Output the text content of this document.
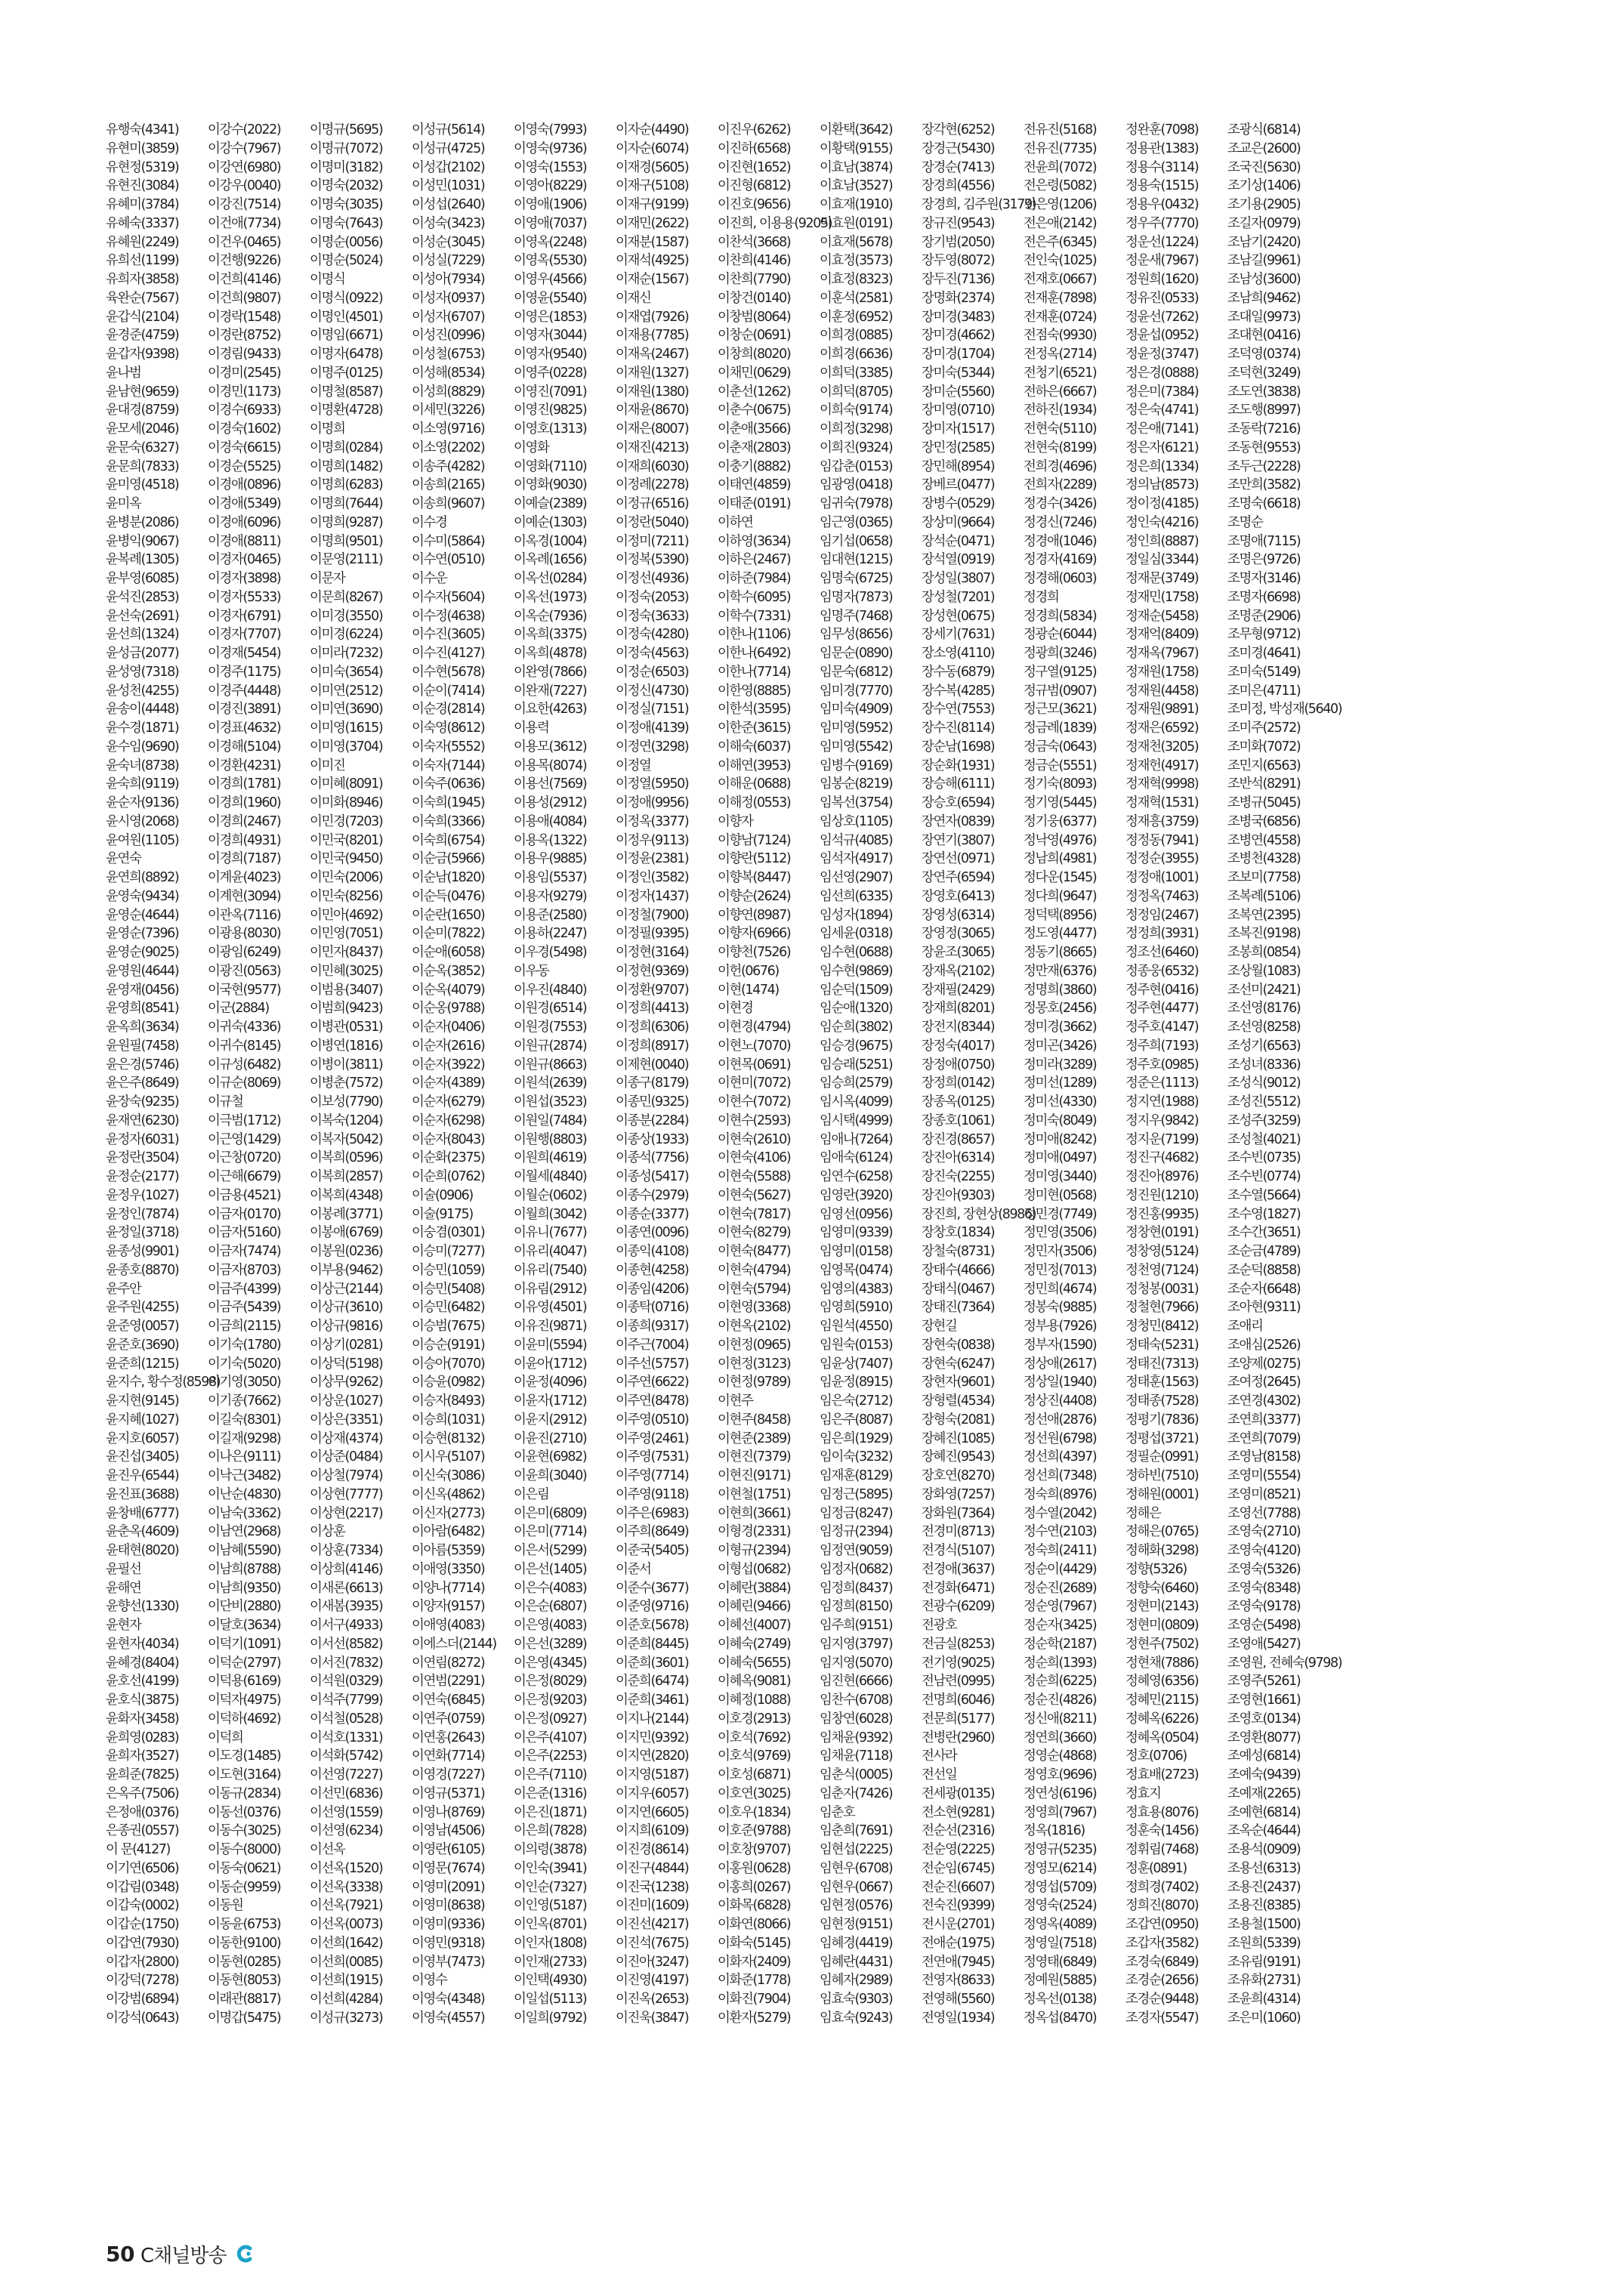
유행숙(4341)
유현미(3859)
유현정(5319)
유현진(3084)
유혜미(3784)
유혜숙(3337)
유혜원(2249)
유희선(1199)
유희자(3858)
육완순(7567)
윤갑식(2104)
윤경준(4759)
윤갑자(9398)
윤나범
윤남현(9659)
윤대경(8759)
윤모세(2046)
윤문숙(6327)
윤문희(7833)
윤미영(4518)
윤미옥
윤병분(2086)
윤병익(9067)
윤복례(1305)
윤부영(6085)
윤석진(2853)
윤선숙(2691)
윤선희(1324)
윤성금(2077)
윤성영(7318)
윤성천(4255)
윤송이(4448)
윤수경(1871)
윤수임(9690)
윤숙녀(8738)
윤숙희(9119)
윤순자(9136)
윤시영(2068)
윤여원(1105)
윤연숙
윤연희(8892)
윤영숙(9434)
윤영순(4644)
윤영순(7396)
윤영순(9025)
윤영원(4644)
윤영재(0456)
윤영희(8541)
윤옥희(3634)
윤원필(7458)
윤은경(5746)
윤은주(8649)
윤장숙(9235)
윤재연(6230)
윤정자(6031)
윤정란(3504)
윤정순(2177)
윤정우(1027)
윤정인(7874)
윤정일(3718)
윤종성(9901)
윤종호(8870)
윤주안
윤주원(4255)
윤준영(0057)
윤준호(3690)
윤준희(1215)
윤지수, 황수정(8598)
윤지현(9145)
윤지혜(1027)
윤지호(6057)
윤진섭(3405)
윤진우(6544)
윤진표(3688)
윤창배(6777)
윤춘옥(4609)
윤태현(8020)
윤필선
윤해연
윤향선(1330)
윤현자
윤현자(4034)
윤혜경(8404)
윤호선(4199)
윤호식(3875)
윤화자(3458)
윤희영(0283)
윤희자(3527)
윤희준(7825)
은옥주(7506)
은정애(0376)
은종권(0557)
이 문(4127)
이기연(6506)
이갑림(0348)
이갑숙(0002)
이갑순(1750)
이갑연(7930)
이갑자(2800)
이강덕(7278)
이강범(6894)
이강석(0643)
이강수(2022)
이강수(7967)
이강연(6980)
이강우(0040)
이강진(7514)
이건애(7734)
이건우(0465)
이건행(9226)
이건희(4146)
이건희(9807)
이경락(1548)
이경란(8752)
이경림(9433)
이경미(2545)
이경민(1173)
이경수(6933)
이경숙(1602)
이경숙(6615)
이경순(5525)
이경애(0896)
이경애(5349)
이경애(6096)
이경애(8811)
이경자(0465)
이경자(3898)
이경자(5533)
이경자(6791)
이경자(7707)
이경재(5454)
이경주(1175)
이경주(4448)
이경진(3891)
이경표(4632)
이경해(5104)
이경환(4231)
이경희(1781)
이경희(1960)
이경희(2467)
이경희(4931)
이경희(7187)
이계윤(4023)
이계현(3094)
이관옥(7116)
이광용(8030)
이광임(6249)
이광진(0563)
이국현(9577)
이군(2884)
이귀숙(4336)
이귀수(8145)
이규성(6482)
이규순(8069)
이규철
이극범(1712)
이근영(1429)
이근창(0720)
이근해(6679)
이금용(4521)
이금자(0170)
이금자(5160)
이금자(7474)
이금자(8703)
이금주(4399)
이금주(5439)
이금희(2115)
이기숙(1780)
이기숙(5020)
이기영(3050)
이기종(7662)
이길숙(8301)
이길재(9298)
이나은(9111)
이낙근(3482)
이난순(4830)
이남숙(3362)
이남연(2968)
이남혜(5590)
이남희(8788)
이남희(9350)
이단비(2880)
이달호(3634)
이덕기(1091)
이덕순(2797)
이덕용(6169)
이덕자(4975)
이덕하(4692)
이덕희
이도경(1485)
이도현(3164)
이동규(2834)
이동선(0376)
이동수(3025)
이동수(8000)
이동숙(0621)
이동순(9959)
이동원
이동윤(6753)
이동한(9100)
이동현(0285)
이동현(8053)
이래관(8817)
이명갑(5475)
이명규(5695)
이명규(7072)
이명미(3182)
이명숙(2032)
이명숙(3035)
이명숙(7643)
이명순(0056)
이명순(5024)
이명식
이명식(0922)
이명인(4501)
이명임(6671)
이명자(6478)
이명주(0125)
이명철(8587)
이명환(4728)
이명희
이명희(0284)
이명희(1482)
이명희(6283)
이명희(7644)
이명희(9287)
이명희(9501)
이문영(2111)
이문자
이문희(8267)
이미경(3550)
이미경(6224)
이미라(7232)
이미숙(3654)
이미연(2512)
이미연(3690)
이미영(1615)
이미영(3704)
이미진
이미혜(8091)
이미화(8946)
이민경(7203)
이민국(8201)
이민국(9450)
이민숙(2006)
이민숙(8256)
이민아(4692)
이민영(7051)
이민자(8437)
이민혜(3025)
이범용(3407)
이범희(9423)
이병관(0531)
이병연(1816)
이병이(3811)
이병춘(7572)
이보성(7790)
이복숙(1204)
이복자(5042)
이복희(0596)
이복희(2857)
이복희(4348)
이봉례(3771)
이봉애(6769)
이봉원(0236)
이부용(9462)
이상근(2144)
이상규(3610)
이상규(9816)
이상기(0281)
이상덕(5198)
이상무(9262)
이상운(1027)
이상은(3351)
이상재(4374)
이상준(0484)
이상철(7974)
이상현(7777)
이상현(2217)
이상훈
이상훈(7334)
이상희(4146)
이새론(6613)
이새봄(3935)
이서구(4933)
이서선(8582)
이서진(7832)
이석원(0329)
이석주(7799)
이석철(0528)
이석호(1331)
이석화(5742)
이선영(7227)
이선민(6836)
이선영(1559)
이선영(6234)
이선옥
이선옥(1520)
이선옥(3338)
이선옥(7921)
이선옥(0073)
이선희(1642)
이선희(0085)
이선희(1915)
이선희(4284)
이성규(3273)
이성규(5614)
이성규(4725)
이성갑(2102)
이성민(1031)
이성섭(2640)
이성숙(3423)
이성순(3045)
이성실(7229)
이성아(7934)
이성자(0937)
이성자(6707)
이성진(0996)
이성철(6753)
이성해(8534)
이성희(8829)
이세민(3226)
이소영(9716)
이소영(2202)
이송주(4282)
이송희(2165)
이송희(9607)
이수경
이수미(5864)
이수연(0510)
이수운
이수자(5604)
이수정(4638)
이수진(3605)
이수진(4127)
이수현(5678)
이순이(7414)
이순경(2814)
이숙영(8612)
이숙자(5552)
이숙자(7144)
이숙주(0636)
이숙희(1945)
이숙희(3366)
이숙희(6754)
이순금(5966)
이순남(1820)
이순득(0476)
이순란(1650)
이순미(7822)
이순애(6058)
이순옥(3852)
이순옥(4079)
이순옹(9788)
이순자(0406)
이순자(2616)
이순자(3922)
이순자(4389)
이순자(6279)
이순자(6298)
이순자(8043)
이순화(2375)
이순희(0762)
이술(0906)
이술(9175)
이숭겸(0301)
이승미(7277)
이승민(1059)
이승민(5408)
이승민(6482)
이승범(7675)
이승순(9191)
이승아(7070)
이승윤(0982)
이승자(8493)
이승희(1031)
이승현(8132)
이시우(5107)
이신숙(3086)
이신옥(4862)
이신자(2773)
이아람(6482)
이아름(5359)
이애영(3350)
이양나(7714)
이양자(9157)
이애영(4083)
이에스더(2144)
이연림(8272)
이연범(2291)
이연숙(6845)
이연주(0759)
이연홍(2643)
이연화(7714)
이영경(7227)
이영규(5371)
이영나(8769)
이영남(4506)
이영란(6105)
이영문(7674)
이영미(2091)
이영미(8638)
이영미(9336)
이영민(9318)
이영부(7473)
이영수
이영숙(4348)
이영숙(4557)
이영숙(7993)
이영숙(9736)
이영숙(1553)
이영아(8229)
이영애(1906)
이영애(7037)
이영옥(2248)
이영옥(5530)
이영우(4566)
이영윤(5540)
이영은(1853)
이영자(3044)
이영자(9540)
이영주(0228)
이영진(7091)
이영진(9825)
이영호(1313)
이영화
이영화(7110)
이영화(9030)
이예슬(2389)
이예순(1303)
이옥경(1004)
이옥례(1656)
이옥선(0284)
이옥선(1973)
이옥순(7936)
이옥희(3375)
이옥희(4878)
이완영(7866)
이완재(7227)
이요한(4263)
이용력
이용모(3612)
이용목(8074)
이용선(7569)
이용성(2912)
이용애(4084)
이용옥(1322)
이용우(9885)
이용임(5537)
이용자(9279)
이용준(2580)
이용하(2247)
이우경(5498)
이우동
이우진(4840)
이원경(6514)
이원경(7553)
이원규(2874)
이원규(8663)
이원석(2639)
이원섭(3523)
이원일(7484)
이원행(8803)
이원희(4619)
이월세(4840)
이월순(0602)
이월희(3042)
이유니(7677)
이유리(4047)
이유리(7540)
이유림(2912)
이유영(4501)
이유진(9871)
이윤미(5594)
이윤아(1712)
이윤정(4096)
이윤자(1712)
이윤지(2912)
이윤진(2710)
이윤현(6982)
이윤희(3040)
이은림
이은미(6809)
이은미(7714)
이은서(5299)
이은선(1405)
이은수(4083)
이은순(6807)
이은영(4083)
이은선(3289)
이은영(4345)
이은정(8029)
이은정(9203)
이은정(0927)
이은주(4107)
이은주(2253)
이은주(7110)
이은준(1316)
이은진(1871)
이은희(7828)
이의령(3878)
이인숙(3941)
이인순(7327)
이인영(5187)
이인옥(8701)
이인자(1808)
이인재(2733)
이인택(4930)
이일섭(5113)
이일희(9792)
이자순(4490)
이자순(6074)
이재경(5605)
이재구(5108)
이재구(9199)
이재민(2622)
이재분(1587)
이재석(4925)
이재순(1567)
이재신
이재엽(7926)
이재용(7785)
이재옥(2467)
이재원(1327)
이재원(1380)
이재윤(8670)
이재은(8007)
이재진(4213)
이재희(6030)
이정례(2278)
이정규(6516)
이정란(5040)
이정미(7211)
이정복(5390)
이정선(4936)
이정숙(2053)
이정숙(3633)
이정숙(4280)
이정숙(4563)
이정순(6503)
이정신(4730)
이정실(7151)
이정애(4139)
이정연(3298)
이정열
이정열(5950)
이정애(9956)
이정옥(3377)
이정우(9113)
이정윤(2381)
이정인(3582)
이정자(1437)
이정철(7900)
이정필(9395)
이정현(3164)
이정현(9369)
이정환(9707)
이정희(4413)
이정희(6306)
이정희(8917)
이제현(0040)
이종구(8179)
이종민(9325)
이종분(2284)
이종상(1933)
이종석(7756)
이종성(5417)
이종수(2979)
이종순(3377)
이종연(0096)
이종익(4108)
이종현(4258)
이종임(4206)
이종탁(0716)
이종희(9317)
이주근(7004)
이주선(5757)
이주연(6622)
이주연(8478)
이주영(0510)
이주영(2461)
이주영(7531)
이주영(7714)
이주영(9118)
이주은(6983)
이주희(8649)
이준국(5405)
이준서
이준수(3677)
이준영(9716)
이준호(5678)
이준희(8445)
이준희(3601)
이준희(6474)
이준희(3461)
이지나(2144)
이지민(9392)
이지연(2820)
이지영(5187)
이지우(6057)
이지연(6605)
이지희(6109)
이진경(8614)
이진구(4844)
이진국(1238)
이진미(1609)
이진선(4217)
이진석(7675)
이진아(3247)
이진영(4197)
이진옥(2653)
이진욱(3847)
이진우(6262)
이진하(6568)
이진현(1652)
이진형(6812)
이진호(9656)
이진희, 이용용(9205)
이찬석(3668)
이찬희(4146)
이찬희(7790)
이창건(0140)
이창범(8064)
이창순(0691)
이창희(8020)
이채민(0629)
이춘선(1262)
이춘수(0675)
이춘애(3566)
이춘재(2803)
이충기(8882)
이태연(4859)
이태준(0191)
이하연
이하영(3634)
이하은(2467)
이하준(7984)
이학수(6095)
이학수(7331)
이한나(1106)
이한나(6492)
이한나(7714)
이한영(8885)
이한석(3595)
이한준(3615)
이해숙(6037)
이해연(3953)
이해운(0688)
이해정(0553)
이향자
이향남(7124)
이향란(5112)
이향복(8447)
이향순(2624)
이향연(8987)
이향자(6966)
이향천(7526)
이헌(0676)
이현(1474)
이현경
이현경(4794)
이현노(7070)
이현목(0691)
이현미(7072)
이현수(7072)
이현수(2593)
이현숙(2610)
이현숙(4106)
이현숙(5588)
이현숙(5627)
이현숙(7817)
이현숙(8279)
이현숙(8477)
이현숙(4794)
이현숙(5794)
이현영(3368)
이현옥(2102)
이현정(0965)
이현정(3123)
이현정(9789)
이현주
이현주(8458)
이현준(2389)
이현진(7379)
이현진(9171)
이현철(1751)
이현희(3661)
이형경(2331)
이형규(2394)
이형섭(0682)
이혜란(3884)
이혜린(9466)
이혜선(4007)
이혜숙(2749)
이혜숙(5655)
이혜옥(9081)
이혜정(1088)
이호경(2913)
이호석(7692)
이호석(9769)
이호성(6871)
이호연(3025)
이호우(1834)
이호준(9788)
이호창(9707)
이홍원(0628)
이홍희(0267)
이화목(6828)
이화연(8066)
이화숙(5145)
이화자(2409)
이화준(1778)
이화진(7904)
이환자(5279)
이환택(3642)
이황택(9155)
이효남(3874)
이효남(3527)
이효재(1910)
이효원(0191)
이효재(5678)
이효정(3573)
이효정(8323)
이훈석(2581)
이훈정(6952)
이희경(0885)
이희경(6636)
이희덕(3385)
이희덕(8705)
이희숙(9174)
이희정(3298)
이희진(9324)
임갑춘(0153)
임광영(0418)
임귀숙(7978)
임근영(0365)
임기섭(0658)
임대현(1215)
임명숙(6725)
임명자(7873)
임명주(7468)
임무성(8656)
임문순(0890)
임문숙(6812)
임미경(7770)
임미숙(4909)
임미영(5952)
임미영(5542)
임병수(9169)
임봉순(8219)
임복선(3754)
임상호(1105)
임석규(4085)
임석자(4917)
임선영(2907)
임선희(6335)
임성자(1894)
임세윤(0318)
임수현(0688)
임수현(9869)
임순덕(1509)
임순애(1320)
임순희(3802)
임승경(9675)
임승래(5251)
임승희(2579)
임시옥(4099)
임시택(4999)
임애나(7264)
임애숙(6124)
임연수(6258)
임영란(3920)
임영선(0956)
임영미(9339)
임영미(0158)
임영목(0474)
임영의(4383)
임영희(5910)
임원석(4550)
임원숙(0153)
임윤상(7407)
임윤정(8915)
임은숙(2712)
임은주(8087)
임은희(1929)
임이숙(3232)
임재훈(8129)
임정근(5895)
임정금(8247)
임정규(2394)
임정연(9059)
임정자(0682)
임정희(8437)
임정희(8150)
임주희(9151)
임지영(3797)
임지영(5070)
임진현(6666)
임찬수(6708)
임창연(6028)
임채윤(9392)
임채윤(7118)
임춘식(0005)
임춘자(7426)
임춘호
임춘희(7691)
임현섭(2225)
임현우(6708)
임현우(0667)
임현정(0576)
임현정(9151)
임혜경(4419)
임혜란(4431)
임혜자(2989)
임효숙(9303)
임효숙(9243)
장각현(6252)
장경근(5430)
장경순(7413)
장경희(4556)
장경희, 김주원(3179)
장규진(9543)
장기범(2050)
장두영(8072)
장두진(7136)
장명화(2374)
장미경(3483)
장미경(4662)
장미경(1704)
장미숙(5344)
장미순(5560)
장미영(0710)
장미자(1517)
장민정(2585)
장민해(8954)
장베르(0477)
장병수(0529)
장상미(9664)
장석순(0471)
장석열(0919)
장성일(3807)
장성철(7201)
장성현(0675)
장세기(7631)
장소영(4110)
장수동(6879)
장수복(4285)
장수연(7553)
장수진(8114)
장순남(1698)
장순화(1931)
장승해(6111)
장승호(6594)
장연자(0839)
장연기(3807)
장연선(0971)
장연주(6594)
장영호(6413)
장영성(6314)
장영정(3065)
장윤조(3065)
장재옥(2102)
장재필(2429)
장재희(8201)
장전지(8344)
장정숙(4017)
장정애(0750)
장정희(0142)
장종옥(0125)
장종호(1061)
장진경(8657)
장진아(6314)
장진숙(2255)
장진아(9303)
장진희, 장현상(8986)
장창호(1834)
장철숙(8731)
장태수(4666)
장태식(0467)
장태진(7364)
장현길
장현숙(0838)
장현숙(6247)
장현자(9601)
장형렬(4534)
장형숙(2081)
장혜진(1085)
장혜진(9543)
장호연(8270)
장화영(7257)
장화원(7364)
전경미(8713)
전경식(5107)
전경애(3637)
전경화(6471)
전광수(6209)
전광호
전금실(8253)
전기영(9025)
전남련(0995)
전명희(6046)
전문희(5177)
전병란(2960)
전사라
전선일
전세광(0135)
전소현(9281)
전순선(2316)
전순영(2225)
전순임(6745)
전순진(6607)
전숙진(9399)
전시운(2701)
전애순(1975)
전연애(7945)
전영자(8633)
전영해(5560)
전영일(1934)
전유진(5168)
전유진(7735)
전윤희(7072)
전은령(5082)
전은영(1206)
전은애(2142)
전은주(6345)
전인숙(1025)
전재호(0667)
전재훈(7898)
전재훈(0724)
전점숙(9930)
전정옥(2714)
전청기(6521)
전하은(6667)
전하진(1934)
전현숙(5110)
전현숙(8199)
전희경(4696)
전희자(2289)
정경수(3426)
정경신(7246)
정경애(1046)
정경자(4169)
정경해(0603)
정경희
정경희(5834)
정광순(6044)
정광희(3246)
정구열(9125)
정규범(0907)
정근모(3621)
정금례(1839)
정금숙(0643)
정금순(5551)
정기숙(8093)
정기영(5445)
정기웅(6377)
정낙영(4976)
정남희(4981)
정다운(1545)
정다희(9647)
정덕택(8956)
정도영(4477)
정동기(8665)
정만재(6376)
정명희(3860)
정몽호(2456)
정미경(3662)
정미곤(3426)
정미라(3289)
정미선(1289)
정미선(4330)
정미숙(8049)
정미애(8242)
정미애(0497)
정미영(3440)
정미현(0568)
정민경(7749)
정민영(3506)
정민자(3506)
정민정(7013)
정민희(4674)
정봉숙(9885)
정부용(7926)
정부자(1590)
정상애(2617)
정상일(1940)
정상진(4408)
정선애(2876)
정선원(6798)
정선희(4397)
정선희(7348)
정숙희(8976)
정수열(2042)
정수연(2103)
정숙희(2411)
정순이(4429)
정순진(2689)
정순영(7967)
정순자(3425)
정순학(2187)
정순희(1393)
정순희(6225)
정순진(4826)
정신애(8211)
정연희(3660)
정영순(4868)
정영호(9696)
정연성(6196)
정영희(7967)
정옥(1816)
정영규(5235)
정영모(6214)
정영섭(5709)
정영숙(2524)
정영옥(4089)
정영일(7518)
정영태(6849)
정예원(5885)
정옥선(0138)
정옥섭(8470)
정완훈(7098)
정용관(1383)
정용수(3114)
정용숙(1515)
정용우(0432)
정우주(7770)
정운선(1224)
정운새(7967)
정원희(1620)
정유진(0533)
정윤선(7262)
정윤섭(0952)
정윤정(3747)
정은경(0888)
정은미(7384)
정은숙(4741)
정은애(7141)
정은자(6121)
정은희(1334)
정의남(8573)
정이정(4185)
정인숙(4216)
정인희(8887)
정일심(3344)
정재문(3749)
정재민(1758)
정재순(5458)
정재억(8409)
정재옥(7967)
정재원(1758)
정재원(4458)
정재원(9891)
정재은(6592)
정재천(3205)
정재헌(4917)
정재혁(9998)
정재혁(1531)
정재흥(3759)
정정동(7941)
정정순(3955)
정정애(1001)
정정옥(7463)
정정임(2467)
정정희(3931)
정조선(6460)
정종웅(6532)
정주현(0416)
정주현(4477)
정주호(4147)
정주희(7193)
정주호(0985)
정준은(1113)
정지연(1988)
정지우(9842)
정지운(7199)
정진구(4682)
정진아(8976)
정진원(1210)
정진홍(9935)
정창현(0191)
정창영(5124)
정천영(7124)
정청봉(0031)
정철현(7966)
정청민(8412)
정태숙(5231)
정태진(7313)
정태훈(1563)
정태종(7528)
정평기(7836)
정평섭(3721)
정필순(0991)
정하빈(7510)
정해원(0001)
정해은
정해은(0765)
정해화(3298)
정향(5326)
정향숙(6460)
정현미(2143)
정현미(0809)
정현주(7502)
정현채(7886)
정혜영(6356)
정혜민(2115)
정혜옥(6226)
정혜옥(0504)
정호(0706)
정효배(2723)
정효지
정효용(8076)
정훈숙(1456)
정휘림(7468)
정훈(0891)
정희경(7402)
정희진(8070)
조갑연(0950)
조갑자(3582)
조경숙(6849)
조경순(2656)
조경순(9448)
조경자(5547)
조광식(6814)
조교은(2600)
조국진(5630)
조기상(1406)
조기용(2905)
조길자(0979)
조남기(2420)
조남길(9961)
조남성(3600)
조남희(9462)
조대일(9973)
조대현(0416)
조덕영(0374)
조덕현(3249)
조도연(3838)
조도행(8997)
조동락(7216)
조동현(9553)
조두근(2228)
조만희(3582)
조명숙(6618)
조명순
조명애(7115)
조명은(9726)
조명자(3146)
조명자(6698)
조명준(2906)
조무형(9712)
조미경(4641)
조미숙(5149)
조미은(4711)
조미정, 박성재(5640)
조미주(2572)
조미화(7072)
조민지(6563)
조반석(8291)
조병규(5045)
조병국(6856)
조병연(4558)
조병천(4328)
조보미(7758)
조복례(5106)
조복연(2395)
조복진(9198)
조봉희(0854)
조상월(1083)
조선미(2421)
조선영(8176)
조선영(8258)
조성기(6563)
조성녀(8336)
조성식(9012)
조성진(5512)
조성주(3259)
조성철(4021)
조수빈(0735)
조수빈(0774)
조수열(5664)
조수영(1827)
조수간(3651)
조순금(4789)
조순덕(8858)
조순자(6648)
조아현(9311)
조애리
조애심(2526)
조양제(0275)
조여정(2645)
조연경(4302)
조연희(3377)
조연희(7079)
조영남(8158)
조영미(5554)
조영미(8521)
조영선(7788)
조영숙(2710)
조영숙(4120)
조영숙(5326)
조영숙(8348)
조영숙(9178)
조영순(5498)
조영애(5427)
조영원, 전혜숙(9798)
조영주(5261)
조영현(1661)
조영호(0134)
조영환(8077)
조예성(6814)
조예숙(9439)
조예재(2265)
조예현(6814)
조옥순(4644)
조용석(0909)
조용선(6313)
조용진(2437)
조용진(8385)
조용철(1500)
조원희(5339)
조유림(9191)
조유화(2731)
조윤희(4314)
조은미(1060)
50 C채널방송
